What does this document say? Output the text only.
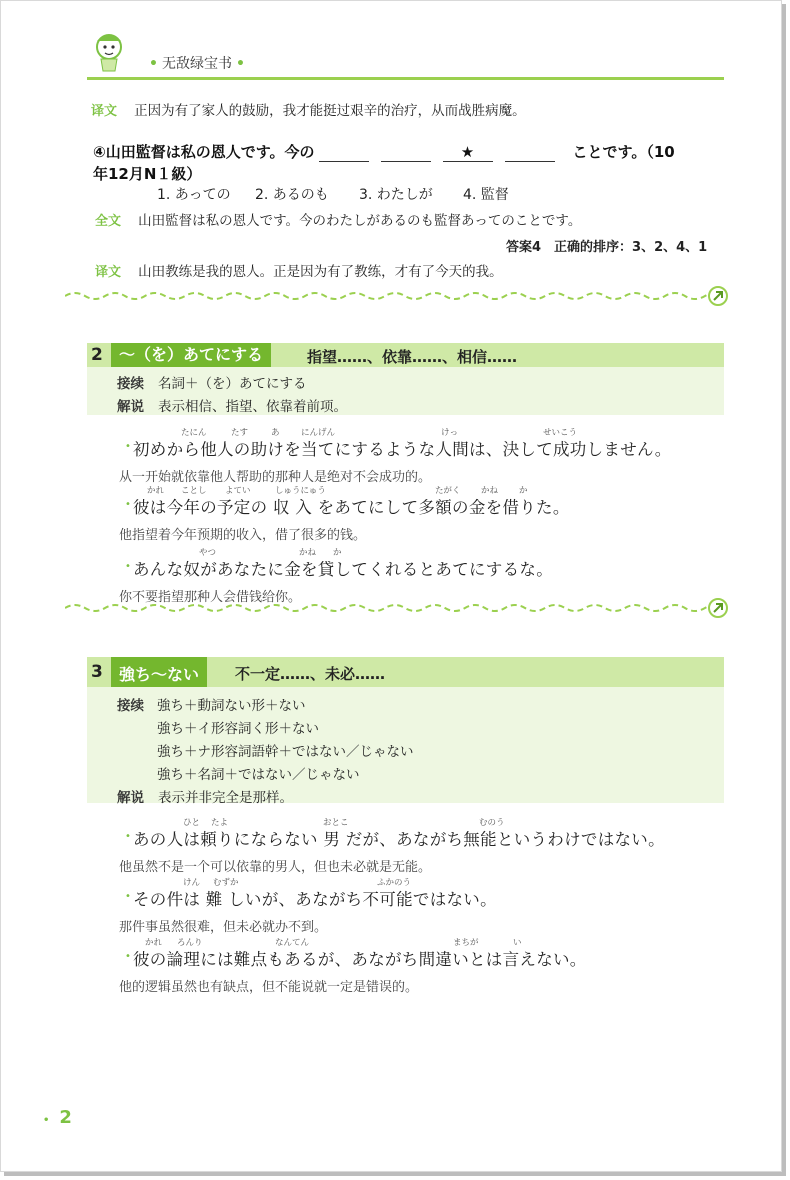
• 无敌绿宝书 •
译文 正因为有了家人的鼓励，我才能挺过艰辛的治疗，从而战胜病魔。
④山田監督は私の恩人です。今の	★	ことです。（10
年12月N１級）
1. あっての 2. あるのも 3. わたしが 4. 監督
全文 山田監督は私の恩人です。今のわたしがあるのも監督あってのことです。
答案4　正确的排序：3、2、4、1
译文 山田教练是我的恩人。正是因为有了教练，才有了今天的我。
2	～（を）あてにする	指望……、依靠……、相信……
接续 名詞＋（を）あてにする
解说 表示相信、指望、依靠着前项。
•
たにん	たす	あ	にんげん	けっ	せいこう
初めから他人の助けを当てにするような人間は、決して成功しません。
从一开始就依靠他人帮助的那种人是绝对不会成功的。
•
かれ ことし よてい	しゅうにゅう	たがく かね か
彼は今年の予定の 収 入 をあてにして多額の金を借りた。
他指望着今年预期的收入，借了很多的钱。
•
やつ	かね か
あんな奴があなたに金を貸してくれるとあてにするな。
你不要指望那种人会借钱给你。
3
あながち
強ち～ない	不一定……、未必……
接续 強ち＋動詞ない形＋ない
強ち＋イ形容詞く形＋ない
強ち＋ナ形容詞語幹＋ではない／じゃない
強ち＋名詞＋ではない／じゃない
解说 表示并非完全是那样。
•
ひと たよ	おとこ	むのう
あの人は頼りにならない 男 だが、あながち無能というわけではない。
他虽然不是一个可以依靠的男人，但也未必就是无能。
•
けん むずか	ふかのう
その件は 難 しいが、あながち不可能ではない。
那件事虽然很难，但未必就办不到。
•
かれ ろんり	なんてん	まちが	い
彼の論理には難点もあるが、あながち間違いとは言えない。
他的逻辑虽然也有缺点，但不能说就一定是错误的。
• 2
